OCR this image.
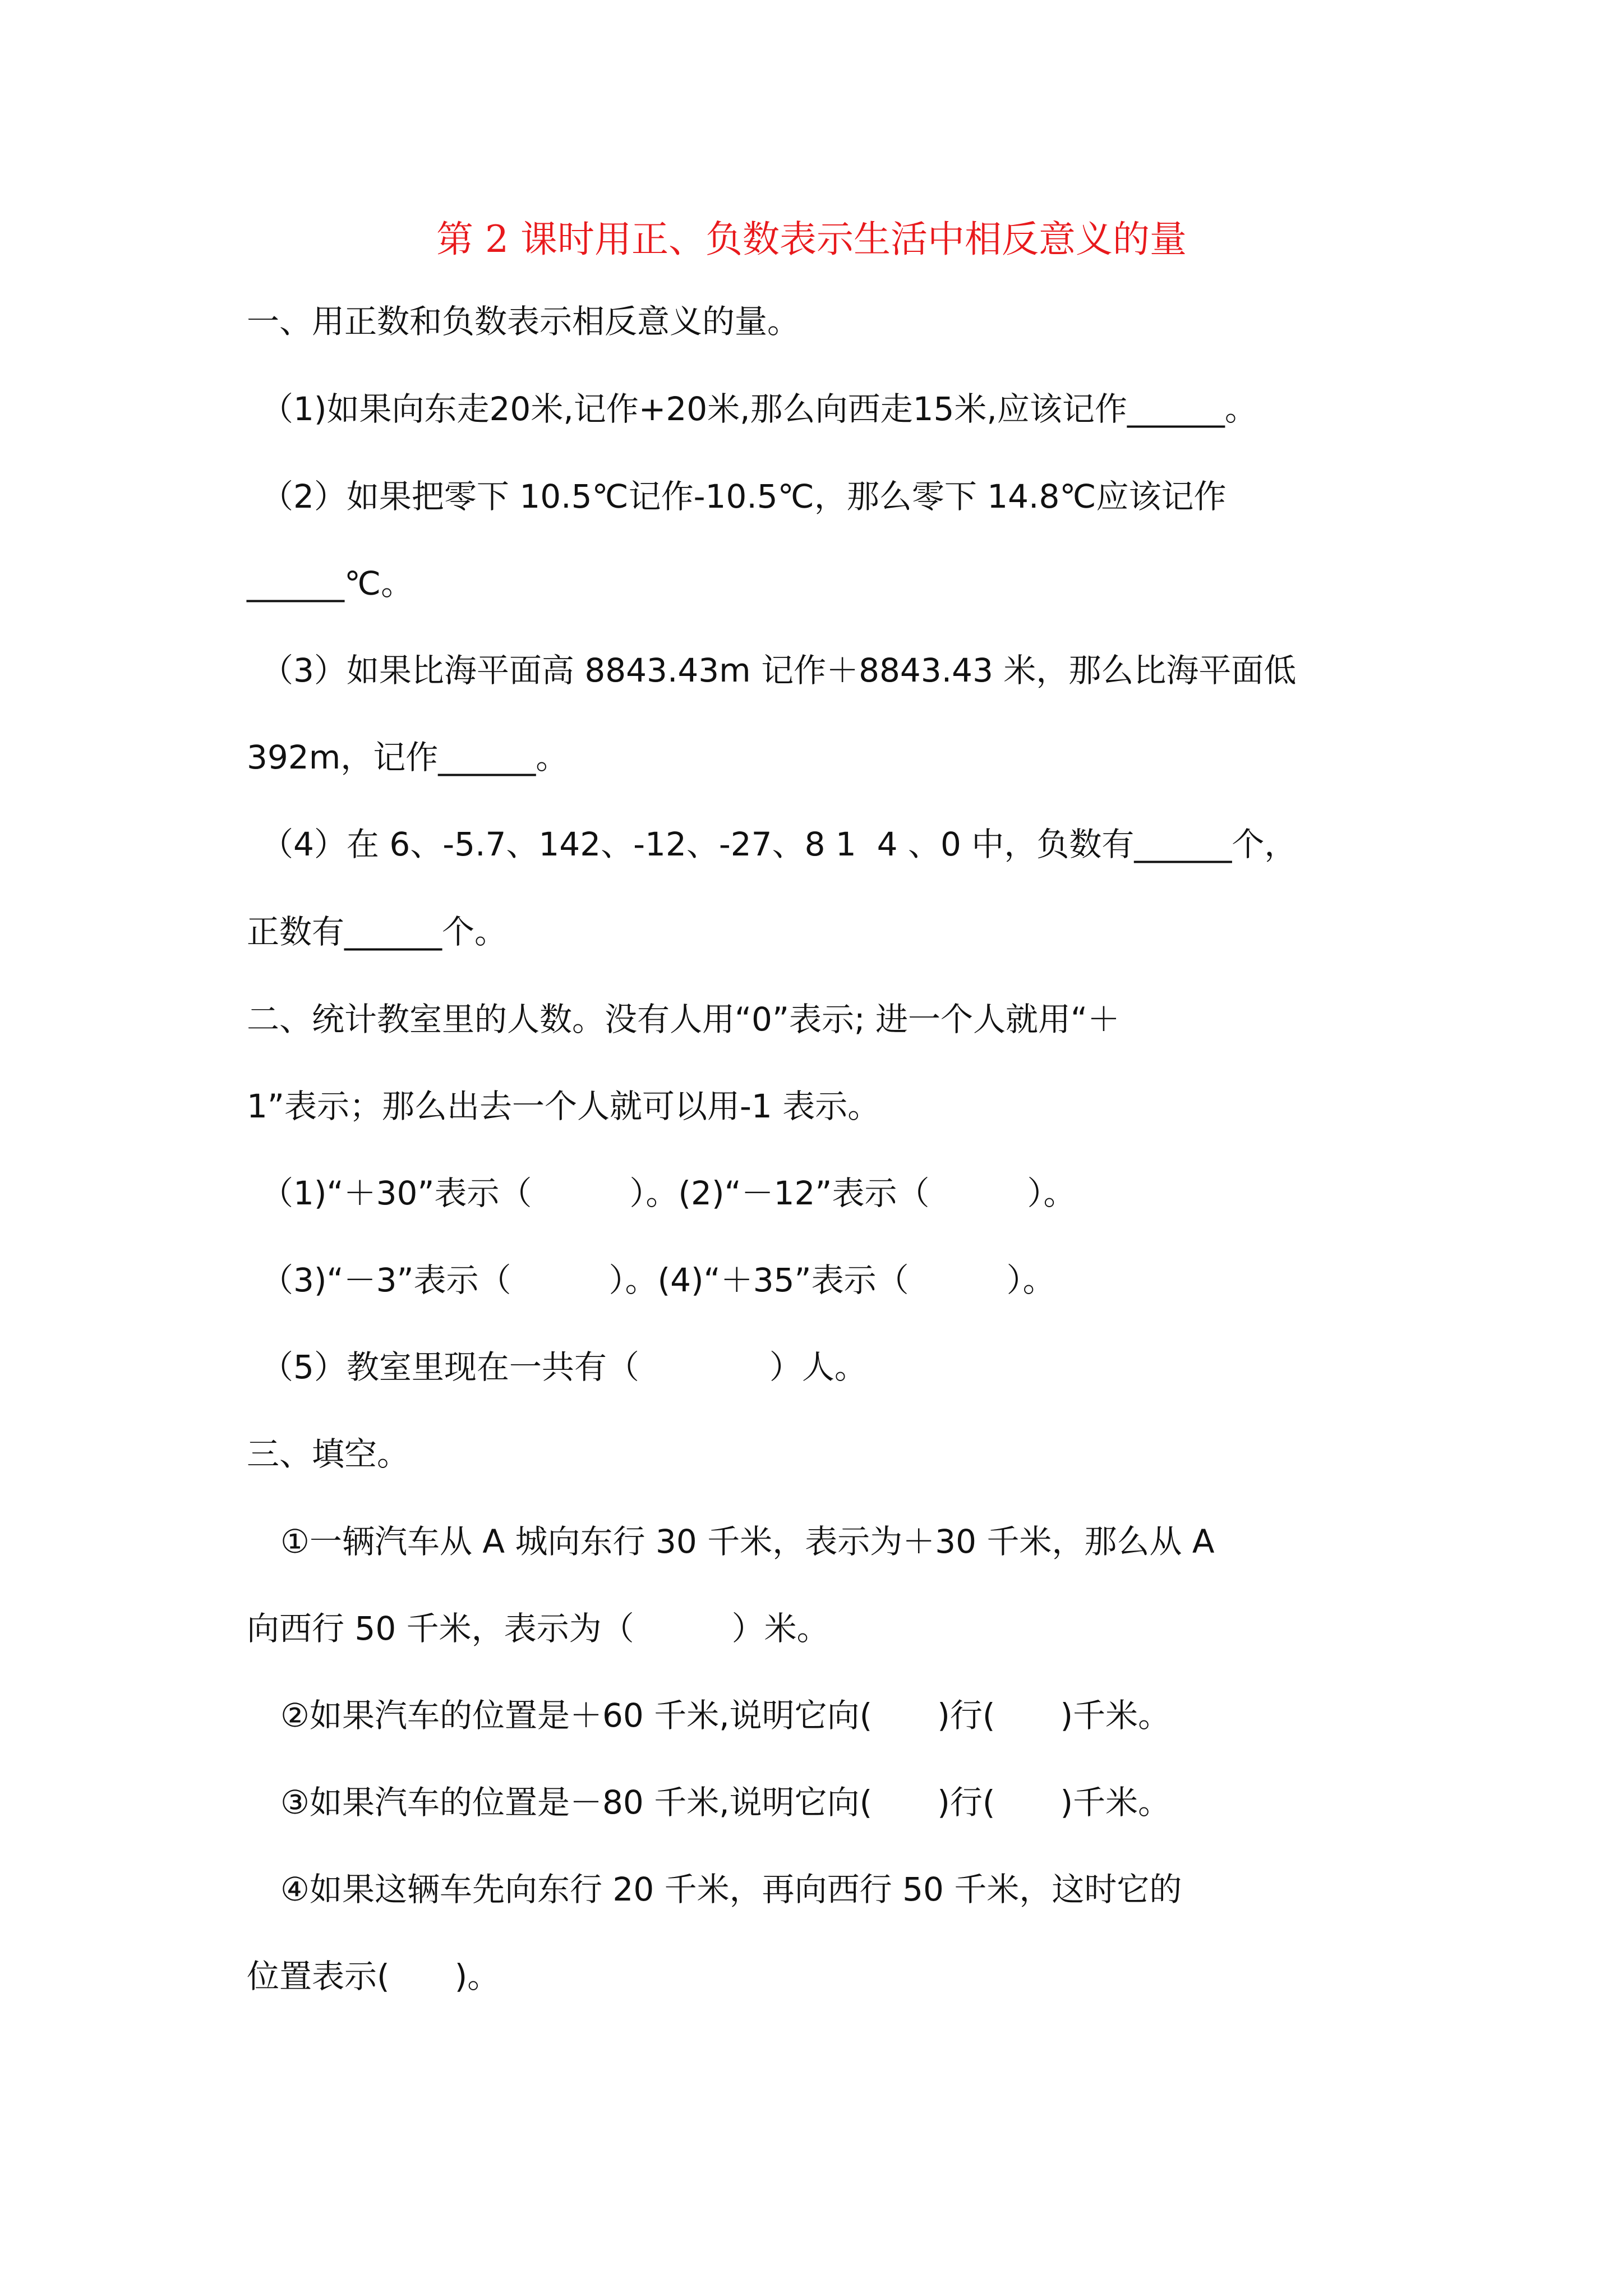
第 2 课时用正、负数表示生活中相反意义的量
一、用正数和负数表示相反意义的量。
（1)如果向东走20米,记作+20米,那么向西走15米,应该记作______。
（2）如果把零下 10.5℃记作-10.5℃，那么零下 14.8℃应该记作
______℃。
（3）如果比海平面高 8843.43m 记作＋8843.43 米，那么比海平面低
392m，记作______。
（4）在 6、-5.7、142、-12、-27、8 1  4 、0 中，负数有______个，
正数有______个。
二、统计教室里的人数。没有人用“0”表示; 进一个人就用“＋
1”表示；那么出去一个人就可以用-1 表示。
（1)“＋30”表示（　　　）。(2)“－12”表示（　　　）。
（3)“－3”表示（　　　）。(4)“＋35”表示（　　　）。
（5）教室里现在一共有（　　　　）人。
三、填空。
①一辆汽车从 A 城向东行 30 千米，表示为＋30 千米，那么从 A
向西行 50 千米，表示为（　　　）米。
②如果汽车的位置是＋60 千米,说明它向(　　)行(　　)千米。
③如果汽车的位置是－80 千米,说明它向(　　)行(　　)千米。
④如果这辆车先向东行 20 千米，再向西行 50 千米，这时它的
位置表示(　　)。
